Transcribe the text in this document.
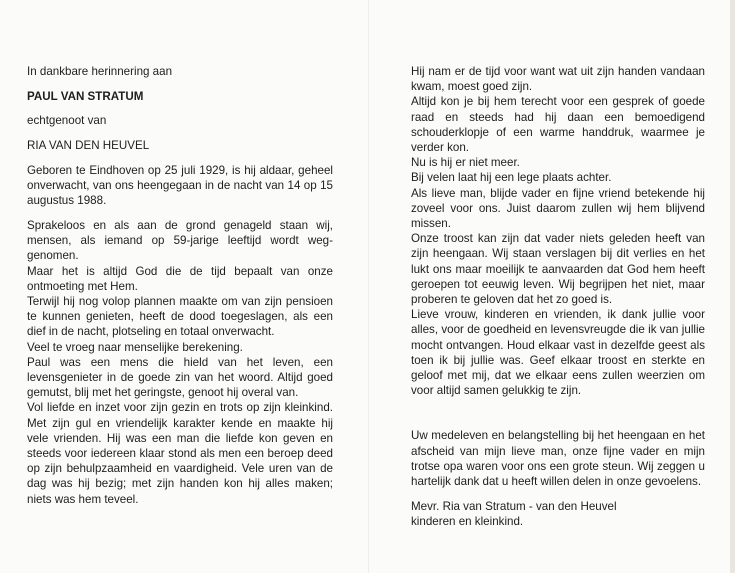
In dankbare herinnering aan

PAUL VAN STRATUM

echtgenoot van

RIA VAN DEN HEUVEL

Geboren te Eindhoven op 25 juli 1929, is hij aldaar, geheel onverwacht, van ons heengegaan in de nacht van 14 op 15 augustus 1988.

Sprakeloos en als aan de grond genageld staan wij, mensen, als iemand op 59-jarige leeftijd wordt weggenomen.

Maar het is altijd God die de tijd bepaalt van onze ontmoeting met Hem.

Terwijl hij nog volop plannen maakte om van zijn pensioen te kunnen genieten, heeft de dood toegeslagen, als een dief in de nacht, plotseling en totaal onverwacht.

Veel te vroeg naar menselijke berekening.

Paul was een mens die hield van het leven, een levensgenieter in de goede zin van het woord. Altijd goed gemutst, blij met het geringste, genoot hij overal van.

Vol liefde en inzet voor zijn gezin en trots op zijn kleinkind. Met zijn gul en vriendelijk karakter kende en maakte hij vele vrienden. Hij was een man die liefde kon geven en steeds voor iedereen klaar stond als men een beroep deed op zijn behulpzaamheid en vaardigheid. Vele uren van de dag was hij bezig; met zijn handen kon hij alles maken; niets was hem teveel.

Hij nam er de tijd voor want wat uit zijn handen vandaan kwam, moest goed zijn.

Altijd kon je bij hem terecht voor een gesprek of goede raad en steeds had hij daan een bemoedigend schouderklopje of een warme handdruk, waarmee je verder kon.

Nu is hij er niet meer.

Bij velen laat hij een lege plaats achter.

Als lieve man, blijde vader en fijne vriend betekende hij zoveel voor ons. Juist daarom zullen wij hem blijvend missen.

Onze troost kan zijn dat vader niets geleden heeft van zijn heengaan. Wij staan verslagen bij dit verlies en het lukt ons maar moeilijk te aanvaarden dat God hem heeft geroepen tot eeuwig leven. Wij begrijpen het niet, maar proberen te geloven dat het zo goed is.

Lieve vrouw, kinderen en vrienden, ik dank jullie voor alles, voor de goedheid en levensvreugde die ik van jullie mocht ontvangen. Houd elkaar vast in dezelfde geest als toen ik bij jullie was. Geef elkaar troost en sterkte en geloof met mij, dat we elkaar eens zullen weerzien om voor altijd samen gelukkig te zijn.

Uw medeleven en belangstelling bij het heengaan en het afscheid van mijn lieve man, onze fijne vader en mijn trotse opa waren voor ons een grote steun. Wij zeggen u hartelijk dank dat u heeft willen delen in onze gevoelens.

Mevr. Ria van Stratum - van den Heuvel

kinderen en kleinkind.
